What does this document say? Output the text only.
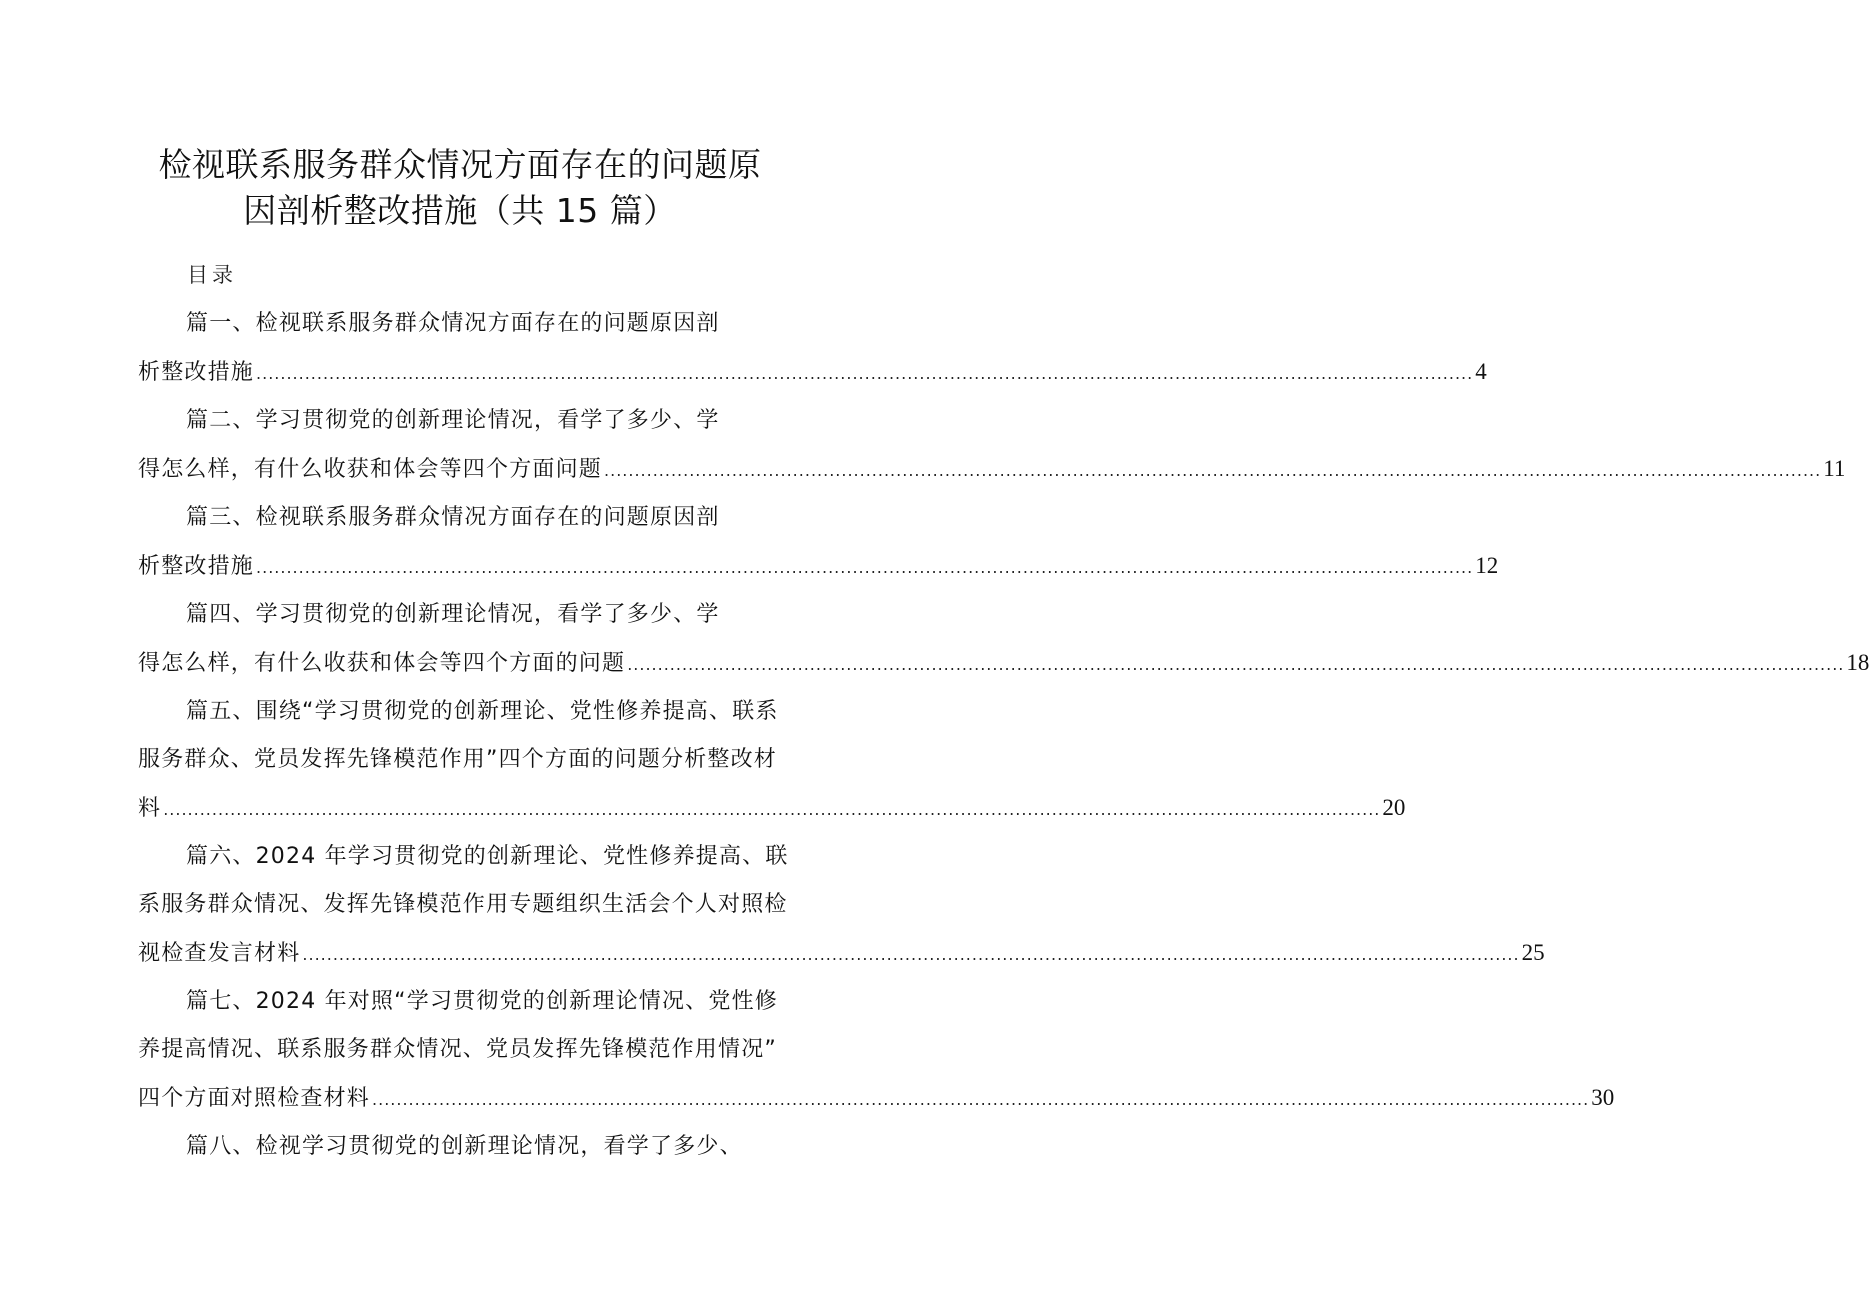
检视联系服务群众情况方面存在的问题原
因剖析整改措施（共 15 篇）
目录
篇一、检视联系服务群众情况方面存在的问题原因剖
析整改措施 ........................................................................................................................................................................................................ 4
篇二、学习贯彻党的创新理论情况，看学了多少、学
得怎么样，有什么收获和体会等四个方面问题 ........................................................................................................................................................................................................ 11
篇三、检视联系服务群众情况方面存在的问题原因剖
析整改措施 ........................................................................................................................................................................................................ 12
篇四、学习贯彻党的创新理论情况，看学了多少、学
得怎么样，有什么收获和体会等四个方面的问题 ........................................................................................................................................................................................................ 18
篇五、围绕“学习贯彻党的创新理论、党性修养提高、联系
服务群众、党员发挥先锋模范作用”四个方面的问题分析整改材
料 ........................................................................................................................................................................................................ 20
篇六、2024 年学习贯彻党的创新理论、党性修养提高、联
系服务群众情况、发挥先锋模范作用专题组织生活会个人对照检
视检查发言材料 ........................................................................................................................................................................................................ 25
篇七、2024 年对照“学习贯彻党的创新理论情况、党性修
养提高情况、联系服务群众情况、党员发挥先锋模范作用情况”
四个方面对照检查材料 ........................................................................................................................................................................................................ 30
篇八、检视学习贯彻党的创新理论情况，看学了多少、
